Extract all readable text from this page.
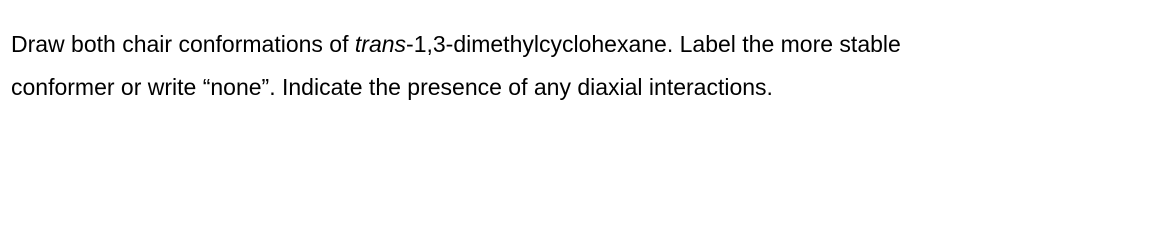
Draw both chair conformations of trans-1,3-dimethylcyclohexane. Label the more stable
conformer or write “none”. Indicate the presence of any diaxial interactions.
